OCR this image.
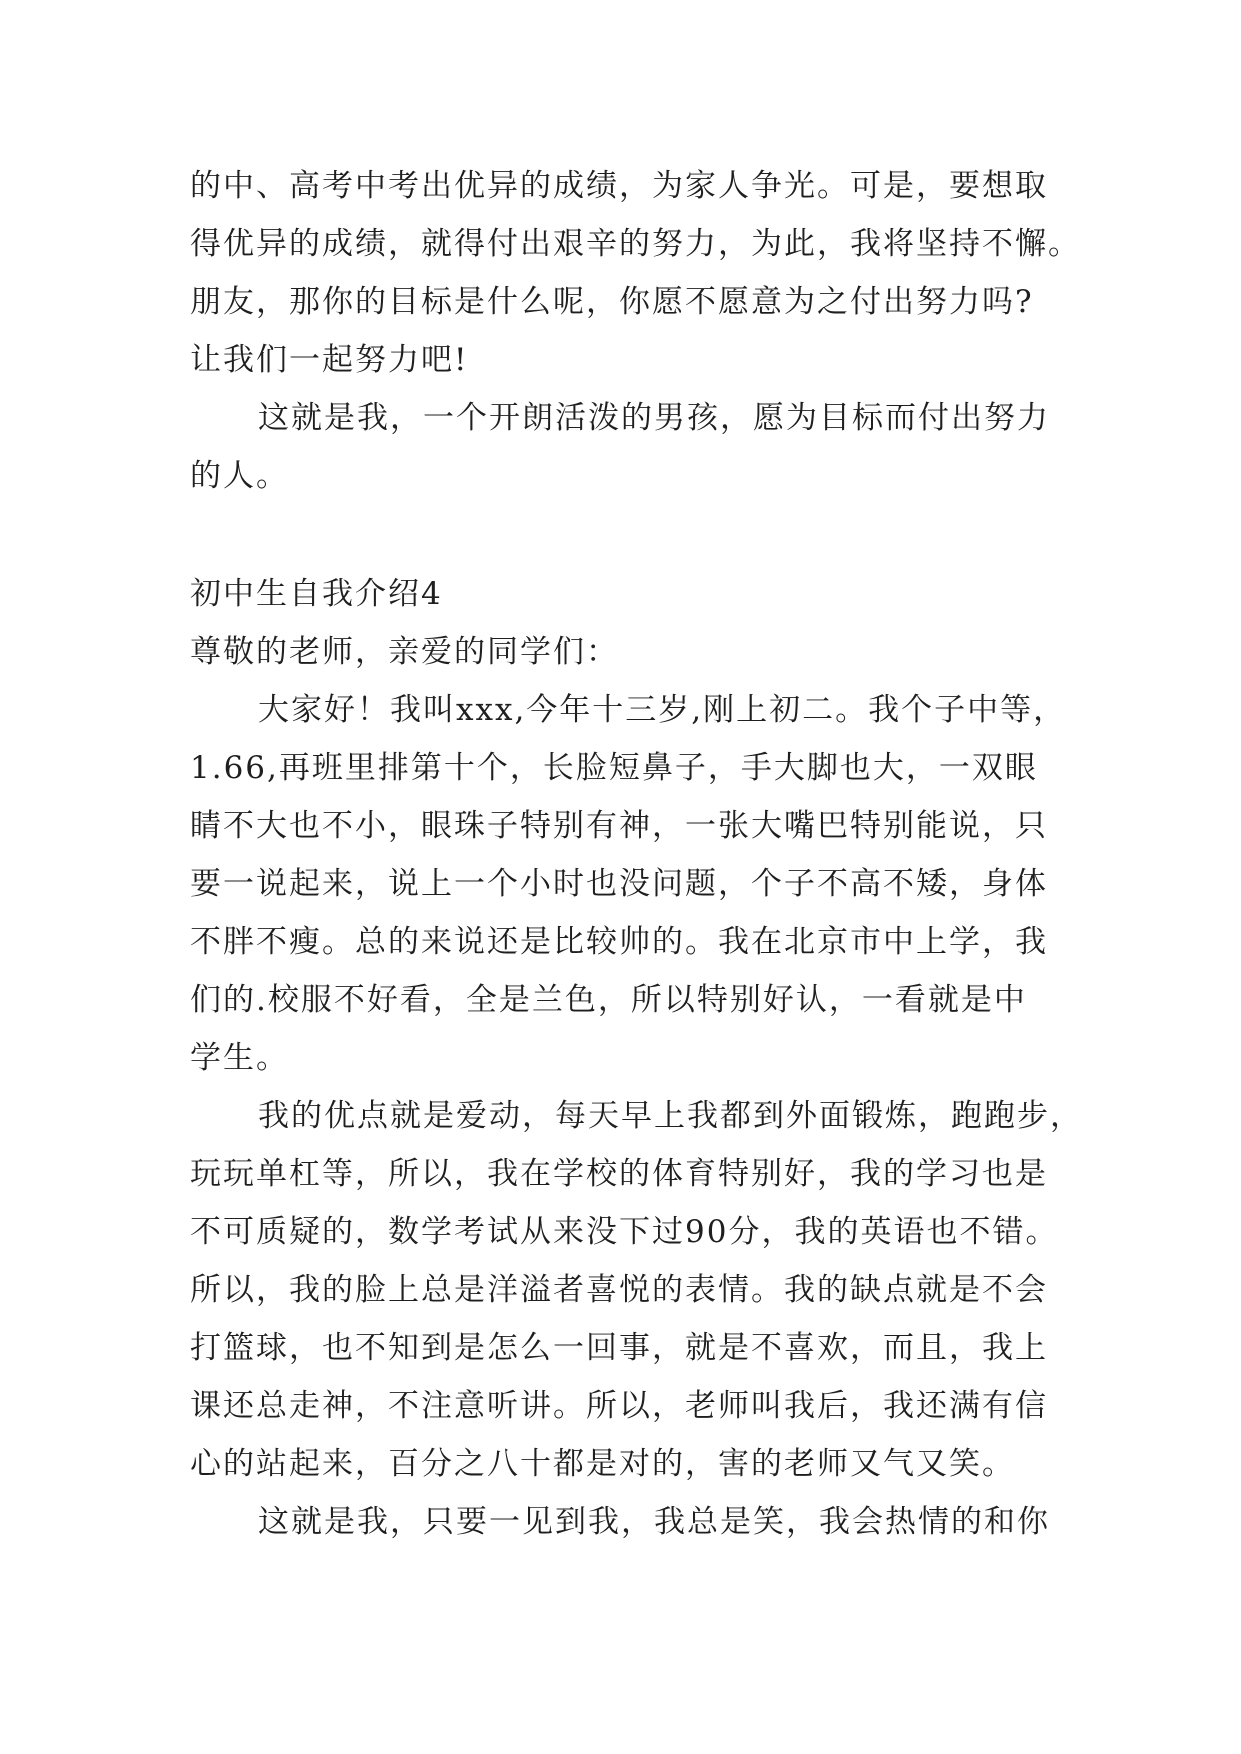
的中、高考中考出优异的成绩，为家人争光。可是，要想取
得优异的成绩，就得付出艰辛的努力，为此，我将坚持不懈。
朋友，那你的目标是什么呢，你愿不愿意为之付出努力吗?
让我们一起努力吧!
这就是我，一个开朗活泼的男孩，愿为目标而付出努力
的人。
初中生自我介绍4
尊敬的老师，亲爱的同学们：
大家好！我叫xxx,今年十三岁,刚上初二。我个子中等，
1.66,再班里排第十个，长脸短鼻子，手大脚也大，一双眼
睛不大也不小，眼珠子特别有神，一张大嘴巴特别能说，只
要一说起来，说上一个小时也没问题，个子不高不矮，身体
不胖不瘦。总的来说还是比较帅的。我在北京市中上学，我
们的.校服不好看，全是兰色，所以特别好认，一看就是中
学生。
我的优点就是爱动，每天早上我都到外面锻炼，跑跑步，
玩玩单杠等，所以，我在学校的体育特别好，我的学习也是
不可质疑的，数学考试从来没下过90分，我的英语也不错。
所以，我的脸上总是洋溢者喜悦的表情。我的缺点就是不会
打篮球，也不知到是怎么一回事，就是不喜欢，而且，我上
课还总走神，不注意听讲。所以，老师叫我后，我还满有信
心的站起来，百分之八十都是对的，害的老师又气又笑。
这就是我，只要一见到我，我总是笑，我会热情的和你
